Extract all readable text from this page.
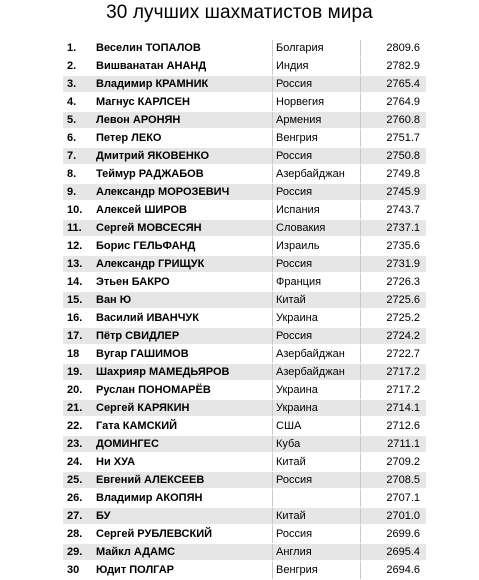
30 лучших шахматистов мира
1.	Веселин ТОПАЛОВ	Болгария	2809.6
2.	Вишванатан АНАНД	Индия	2782.9
3.	Владимир КРАМНИК	Россия	2765.4
4.	Магнус КАРЛСЕН	Норвегия	2764.9
5.	Левон АРОНЯН	Армения	2760.8
6.	Петер ЛЕКО	Венгрия	2751.7
7.	Дмитрий ЯКОВЕНКО	Россия	2750.8
8.	Теймур РАДЖАБОВ	Азербайджан	2749.8
9.	Александр МОРОЗЕВИЧ	Россия	2745.9
10.	Алексей ШИРОВ	Испания	2743.7
11.	Сергей МОВСЕСЯН	Словакия	2737.1
12.	Борис ГЕЛЬФАНД	Израиль	2735.6
13.	Александр ГРИЩУК	Россия	2731.9
14.	Этьен БАКРО	Франция	2726.3
15.	Ван Ю	Китай	2725.6
16.	Василий ИВАНЧУК	Украина	2725.2
17.	Пётр СВИДЛЕР	Россия	2724.2
18	Вугар ГАШИМОВ	Азербайджан	2722.7
19.	Шахрияр МАМЕДЬЯРОВ	Азербайджан	2717.2
20.	Руслан ПОНОМАРЁВ	Украина	2717.2
21.	Сергей КАРЯКИН	Украина	2714.1
22.	Гата КАМСКИЙ	США	2712.6
23.	ДОМИНГЕС	Куба	2711.1
24.	Ни ХУА	Китай	2709.2
25.	Евгений АЛЕКСЕЕВ	Россия	2708.5
26.	Владимир АКОПЯН		2707.1
27.	БУ	Китай	2701.0
28.	Сергей РУБЛЕВСКИЙ	Россия	2699.6
29.	Майкл АДАМС	Англия	2695.4
30	Юдит ПОЛГАР	Венгрия	2694.6
